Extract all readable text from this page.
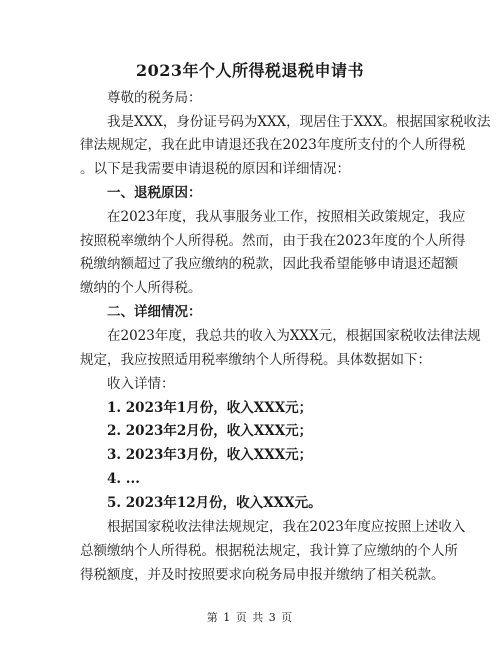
2023年个人所得税退税申请书
尊敬的税务局：
我是XXX，身份证号码为XXX，现居住于XXX。根据国家税收法
律法规规定，我在此申请退还我在2023年度所支付的个人所得税
。以下是我需要申请退税的原因和详细情况：
一、退税原因：
在2023年度，我从事服务业工作，按照相关政策规定，我应
按照税率缴纳个人所得税。然而，由于我在2023年度的个人所得
税缴纳额超过了我应缴纳的税款，因此我希望能够申请退还超额
缴纳的个人所得税。
二、详细情况：
在2023年度，我总共的收入为XXX元，根据国家税收法律法规
规定，我应按照适用税率缴纳个人所得税。具体数据如下：
收入详情：
1. 2023年1月份，收入XXX元；
2. 2023年2月份，收入XXX元；
3. 2023年3月份，收入XXX元；
4. ...
5. 2023年12月份，收入XXX元。
根据国家税收法律法规规定，我在2023年度应按照上述收入
总额缴纳个人所得税。根据税法规定，我计算了应缴纳的个人所
得税额度，并及时按照要求向税务局申报并缴纳了相关税款。
第 1 页 共 3 页
